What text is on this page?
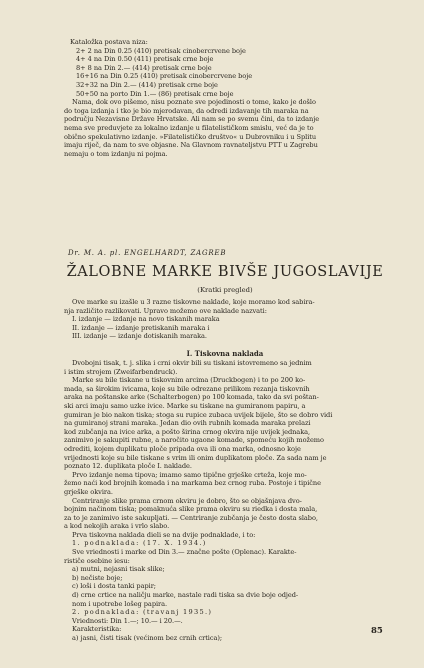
Kataložka postava niza:
2+ 2 na Din 0.25 (410) pretisak cinobercrvene boje
4+ 4 na Din 0.50 (411) pretisak crne boje
8+ 8 na Din 2.— (414) pretisak crne boje
16+16 na Din 0.25 (410) pretisak cinobercrvene boje
32+32 na Din 2.— (414) pretisak crne boje
50+50 na porto Din 1.— (86) pretisak crne boje
Nama, dok ovo pišemo, nisu poznate sve pojedinosti o tome, kako je došlo
do toga izdanja i tko je bio mjerodavan, da odredi izdavanje tih maraka na
području Nezavisne Države Hrvatske. Ali nam se po svemu čini, da to izdanje
nema sve preduvjete za lokalno izdanje u filatelističkom smislu, već da je to
obično spekulativno izdanje. »Filatelističko društvo« u Dubrovniku i u Splitu
imaju riječ, da nam to sve objasne. Na Glavnom ravnateljstvu PTT u Zagrebu
nemaju o tom izdanju ni pojma.
Dr. M. A. pl. ENGELHARDT, ZAGREB
ŽALOBNE MARKE BIVŠE JUGOSLAVIJE
(Kratki pregled)
Ove marke su izašle u 3 razne tiskovne naklade, koje moramo kod sabira-
nja različito razlikovati. Upravo možemo ove naklade nazvati:
I. izdanje — izdanje na novo tiskanih maraka
II. izdanje — izdanje pretiskanih maraka i
III. izdanje — izdanje dotiskanih maraka.
I. Tiskovna naklada
Dvobojni tisak, t. j. slika i crni okvir bili su tiskani istovremeno sa jednim
i istim strojem (Zweifarbendruck).
Marke su bile tiskane u tiskovnim arcima (Druckbogen) i to po 200 ko-
mada, sa širokim ivicama, koje su bile odrezane prilikom rezanja tiskovnih
araka na poštanske arke (Schalterbogen) po 100 komada, tako da svi poštan-
ski arci imaju samo uzke ivice. Marke su tiskane na gumiranom papiru, a
gumiran je bio nakon tiska; stoga su rupice zubaca uvijek bijele, što se dobro vidi
na gumiranoj strani maraka. Jedan dio ovih rubnih komada maraka prelazi
kod zubčanja na ivice arka, a pošto širina crnog okvira nije uvijek jednaka,
zanimivo je sakupiti rubne, a naročito ugaone komade, spomeću kojih možemo
odrediti, kojem duplikatu ploče pripada ova ili ona marka, odnosno koje
vrijednosti koje su bile tiskane s vrim ili onim duplikatom ploče. Za sada nam je
poznato 12. duplikata ploče I. naklade.
Prvo izdanje nema tipova; imamo samo tipične grješke crteža, koje mo-
žemo naći kod brojnih komada i na markama bez crnog ruba. Postoje i tipične
grješke okvira.
Centriranje slike prama crnom okviru je dobro, što se objašnjava dvo-
bojnim načinom tiska; pomaknuća slike prama okviru su riedka i dosta mala,
za to je zanimivo iste sakupljati. — Centriranje zubčanja je često dosta slabo,
a kod nekojih araka i vrlo slabo.
Prva tiskovna naklada dieli se na dvije podnaklade, i to:
1. podnaklada: (17. X. 1934.)
Sve vriednosti i marke od Din 3.— značne pošte (Oplenac). Karakte-
rističe osebine iesu:
a) mutni, nejasni tisak slike;
b) nečiste boje;
c) loši i dosta tanki papir;
d) crne crtice na naličju marke, nastale radi tiska sa dvie boje odjed-
nom i upotrebe lošeg papira.
2. podnaklada: (travanj 1935.)
Vriednosti: Din 1.—; 10.— i 20.—.
Karakteristika:
a) jasni, čisti tisak (većinom bez crnih crtica);
85
